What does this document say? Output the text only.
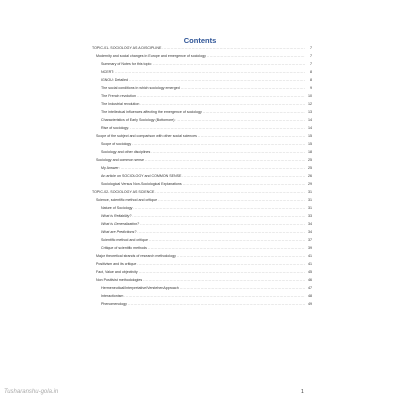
Contents
TOPIC-01- SOCIOLOGY AS A DISCIPLINE .....	7
Modernity and social changes in Europe and emergence of sociology .....	7
Summary of Notes for this topic: .....	7
NCERT: .....	8
IGNOU: Detailed .....	8
The social conditions in which sociology emerged .....	9
The French revolution .....	10
The Industrial revolution .....	12
The intellectual influences affecting the emergence of sociology .....	13
Characteristics of Early Sociology (Bottomore): .....	14
Rise of sociology: .....	14
Scope of the subject and comparison with other social sciences .....	15
Scope of sociology .....	15
Sociology and other disciplines .....	18
Sociology and common sense .....	25
My Answer: .....	25
An article on SOCIOLOGY and COMMON SENSE .....	26
Sociological Versus Non-Sociological Explanations .....	29
TOPIC-02- SOCIOLOGY AS SCIENCE .....	31
Science, scientific method and critique .....	31
Nature of Sociology .....	31
What is Reliability? .....	33
What is Generalization? .....	34
What are Predictions? .....	34
Scientific method and critique .....	37
Critique of scientific methods .....	39
Major theoretical strands of research methodology .....	41
Positivism and its critique .....	41
Fact, Value and objectivity .....	45
Non Positivist methodologies .....	46
Hermeneutical/Interpretative/VerstehenApproach .....	47
Interactionism .....	48
Phenomenology .....	49
1
Tusharanshu-gola.in
